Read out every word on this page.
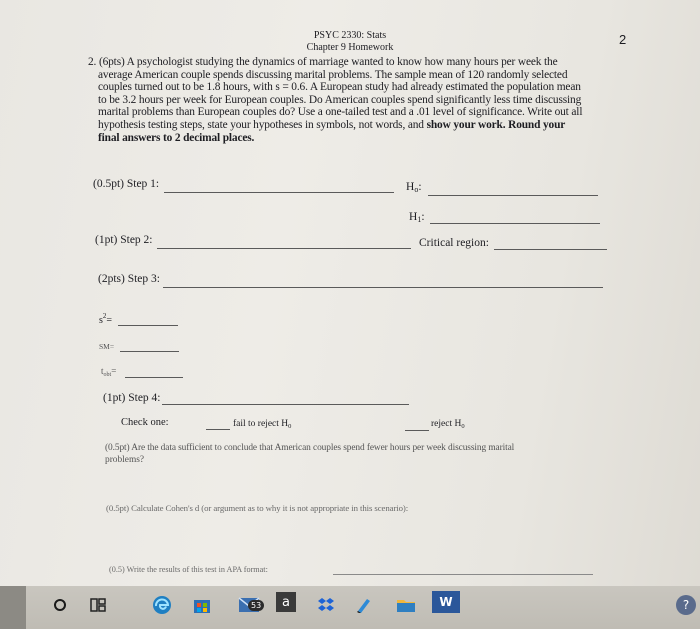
2
PSYC 2330: Stats
Chapter 9 Homework
2. (6pts) A psychologist studying the dynamics of marriage wanted to know how many hours per week the
average American couple spends discussing marital problems. The sample mean of 120 randomly selected
couples turned out to be 1.8 hours, with s = 0.6. A European study had already estimated the population mean
to be 3.2 hours per week for European couples. Do American couples spend significantly less time discussing
marital problems than European couples do? Use a one-tailed test and a .01 level of significance. Write out all
hypothesis testing steps, state your hypotheses in symbols, not words, and show your work. Round your
final answers to 2 decimal places.
(0.5pt) Step 1:	$H_o$:
$H_1$:
(1pt) Step 2:	Critical region:
(2pts) Step 3:
$s^2=$
SM=
$t_{obt}=$
(1pt) Step 4:
Check one:	fail to reject $H_0$	reject $H_0$
(0.5pt) Are the data sufficient to conclude that American couples spend fewer hours per week discussing marital
problems?
(0.5pt) Calculate Cohen's d (or argument as to why it is not appropriate in this scenario):
(0.5) Write the results of this test in APA format:
53	a	W	?
